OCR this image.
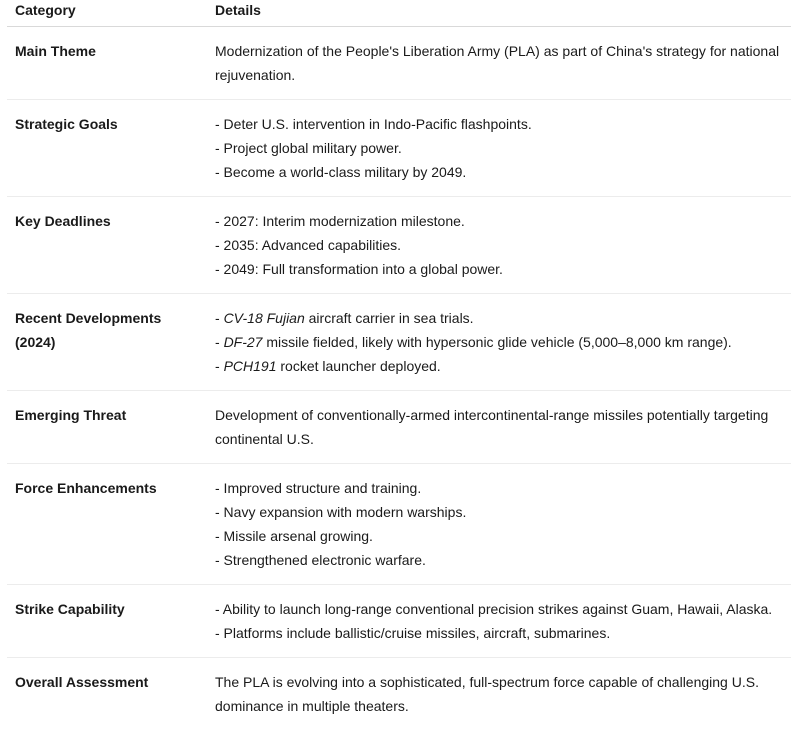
Category	Details
Main Theme	Modernization of the People's Liberation Army (PLA) as part of China's strategy for national rejuvenation.

Strategic Goals	- Deter U.S. intervention in Indo-Pacific flashpoints.
- Project global military power.
- Become a world-class military by 2049.

Key Deadlines	- 2027: Interim modernization milestone.
- 2035: Advanced capabilities.
- 2049: Full transformation into a global power.

Recent Developments (2024)	- CV-18 Fujian aircraft carrier in sea trials.
- DF-27 missile fielded, likely with hypersonic glide vehicle (5,000–8,000 km range).
- PCH191 rocket launcher deployed.

Emerging Threat	Development of conventionally-armed intercontinental-range missiles potentially targeting continental U.S.

Force Enhancements	- Improved structure and training.
- Navy expansion with modern warships.
- Missile arsenal growing.
- Strengthened electronic warfare.

Strike Capability	- Ability to launch long-range conventional precision strikes against Guam, Hawaii, Alaska.
- Platforms include ballistic/cruise missiles, aircraft, submarines.

Overall Assessment	The PLA is evolving into a sophisticated, full-spectrum force capable of challenging U.S. dominance in multiple theaters.
